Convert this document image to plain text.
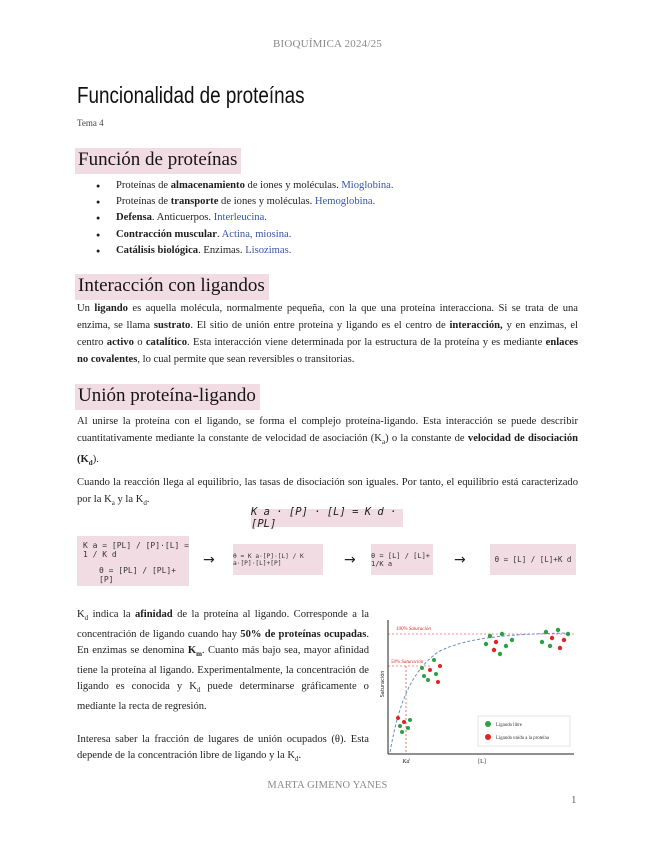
BIOQUÍMICA 2024/25
Funcionalidad de proteínas
Tema 4
Función de proteínas
● Proteínas de almacenamiento de iones y moléculas. Mioglobina.
● Proteínas de transporte de iones y moléculas. Hemoglobina.
● Defensa. Anticuerpos. Interleucina.
● Contracción muscular. Actina, miosina.
● Catálisis biológica. Enzimas. Lisozimas.
Interacción con ligandos
Un ligando es aquella molécula, normalmente pequeña, con la que una proteína interacciona. Si se trata de una enzima, se llama sustrato. El sitio de unión entre proteína y ligando es el centro de interacción, y en enzimas, el centro activo o catalítico. Esta interacción viene determinada por la estructura de la proteína y es mediante enlaces no covalentes, lo cual permite que sean reversibles o transitorias.
Unión proteína-ligando
Al unirse la proteína con el ligando, se forma el complejo proteína-ligando. Esta interacción se puede describir cuantitativamente mediante la constante de velocidad de asociación $(K_a)$ o la constante de velocidad de disociación $(K_d)$.
Cuando la reacción llega al equilibrio, las tasas de disociación son iguales. Por tanto, el equilibrio está caracterizado por la $K_a$ y la $K_d$.
K a · [P] · [L] = K d · [PL]
K a = [PL] / [P]·[L] = 1 / K d
θ = [PL] / [PL]+[P]
→	θ = K a·[P]·[L] / K a·[P]·[L]+[P]	→ θ = [L] / [L]+ 1/K a	→	θ = [L] / [L]+K d
$K_d$ indica la afinidad de la proteína al ligando. Corresponde a la concentración de ligando cuando hay 50% de proteínas ocupadas. En enzimas se denomina $K_m$. Cuanto más bajo sea, mayor afinidad tiene la proteína al ligando. Experimentalmente, la concentración de ligando es conocida y $K_d$ puede determinarse gráficamente o mediante la recta de regresión.
Interesa saber la fracción de lugares de unión ocupados (θ). Esta depende de la concentración libre de ligando y la $K_d$.
Saturación
100% Saturación
50% Saturación
Ligando libre
Ligando unido a la proteína
Kd	[L]
MARTA GIMENO YANES
1
